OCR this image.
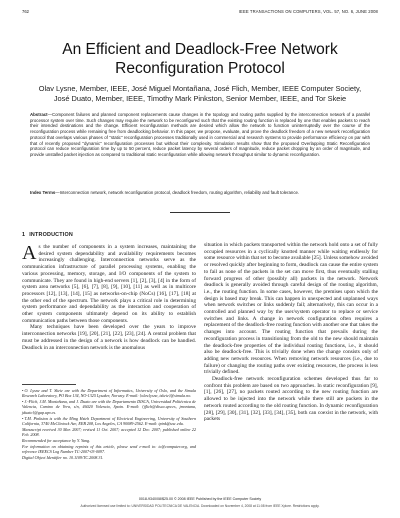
762	IEEE TRANSACTIONS ON COMPUTERS, VOL. 57, NO. 6, JUNE 2008
An Efficient and Deadlock-Free Network
Reconfiguration Protocol
Olav Lysne, Member, IEEE, José Miguel Montañana, José Flich, Member, IEEE Computer Society,
José Duato, Member, IEEE, Timothy Mark Pinkston, Senior Member, IEEE, and Tor Skeie
Abstract—Component failures and planned component replacements cause changes in the topology and routing paths supplied by the interconnection network of a parallel processor system over time. Such changes may require the network to be reconfigured such that the existing routing function is replaced by one that enables packets to reach their intended destinations and the change. Efficient reconfiguration methods are desired which allow the network to function uninterruptedly over the course of the reconfiguration process while remaining free from deadlocking behavior. In this paper, we propose, evaluate, and prove the deadlock freedom of a new network reconfiguration protocol that overlaps various phases of "static" reconfiguration processes traditionally used in commercial and research systems to provide performance efficiency on par with that of recently proposed "dynamic" reconfiguration processes but without their complexity. Simulation results show that the proposed Overlapping Static Reconfiguration protocol can reduce reconfiguration time by up to 50 percent, reduce packet latency by several orders of magnitude, reduce packet dropping by an order of magnitude, and provide unstalled packet injection as compared to traditional static reconfiguration while allowing network throughput similar to dynamic reconfiguration.
Index Terms—Interconnection network, network reconfiguration protocol, deadlock freedom, routing algorithm, reliability and fault tolerance.
1 INTRODUCTION

As the number of components in a system increases, maintaining the desired system dependability and availability requirements becomes increasingly challenging. Interconnection networks serve as the communication infrastructure of parallel processing systems, enabling the various processing, memory, storage, and I/O components of the system to communicate. They are found in high-end servers [1], [2], [3], [4] in the form of system area networks [5], [6], [7], [8], [9], [10], [11] as well as in multicore processors [12], [13], [14], [15] as networks-on-chip (NoCs) [16], [17], [18] at the other end of the spectrum. The network plays a critical role in determining system performance and dependability as the interaction and cooperation of other system components ultimately depend on its ability to establish communication paths between those components.

Many techniques have been developed over the years to improve interconnection networks [19], [20], [21], [22], [23], [24]. A central problem that must be addressed in the design of a network is how deadlock can be handled. Deadlock in an interconnection network is the anomalous

•O. Lysne and T. Skeie are with the Department of Informatics, University of Oslo, and the Simula Research Laboratory, PO Box 134, NO-1325 Lysaker, Norway. E-mail: {olav.lysne, tskeie}@simula.no.

•J.-Flich, J.M. Montañana, and J. Duato are with the Departamento DISCA, Universidad Politécnica de Valencia, Camino de Vera, s/n, 46020 Valencia, Spain. E-mail: {jflich@disca.upv.es, jmontana, jduato}@gap.upv.es.

•T.M. Pinkston is with the Ming Hsieh Department of Electrical Engineering, University of Southern California, 3740 McClintock Ave, EEB 208, Los Angeles, CA 90089-2562. E-mail: tpink@usc.edu.

Manuscript received 30 Mar. 2007; revised 11 Oct. 2007; accepted 12 Dec. 2007; published online 22 Feb. 2008.

Recommended for acceptance by Y. Yang.

For information on obtaining reprints of this article, please send e-mail to: tc@computer.org, and reference IEEECS Log Number TC-2007-03-0097.

Digital Object Identifier no. 10.1109/TC.2008.31.

situation in which packets transported within the network hold onto a set of fully occupied resources in a cyclically knotted manner while waiting endlessly for some resource within that set to become available [25]. Unless somehow avoided or resolved quickly after beginning to form, deadlock can cause the entire system to fail as none of the packets in the set can move first, thus eventually stalling forward progress of other (possibly all) packets in the network. Network deadlock is generally avoided through careful design of the routing algorithm, i.e., the routing function. In some cases, however, the premises upon which the design is based may break. This can happen in unexpected and unplanned ways when network switches or links suddenly fail; alternatively, this can occur in a controlled and planned way by the user/system operator to replace or service switches and links. A change in network configuration often requires a replacement of the deadlock-free routing function with another one that takes the changes into account. The routing function that prevails during the reconfiguration process in transitioning from the old to the new should maintain the deadlock-free properties of the individual routing functions, i.e., it should also be deadlock-free. This is trivially done when the change consists only of adding new network resources. When removing network resources (i.e., due to failure) or changing the routing paths over existing resources, the process is less trivially defined.

Deadlock-free network reconfiguration schemes developed thus far to confront this problem are based on two approaches. In static reconfiguration [9], [1], [26], [27], no packets routed according to the new routing function are allowed to be injected into the network while there still are packets in the network routed according to the old routing function. In dynamic reconfiguration [28], [29], [30], [31], [32], [33], [34], [35], both can coexist in the network, with packets

0018-9340/08/$25.00 © 2008 IEEE Published by the IEEE Computer Society
Authorized licensed use limited to: UNIVERSIDAD POLITECNICA DE VALENCIA. Downloaded on November 4, 2008 at 11:08 from IEEE Xplore. Restrictions apply.
